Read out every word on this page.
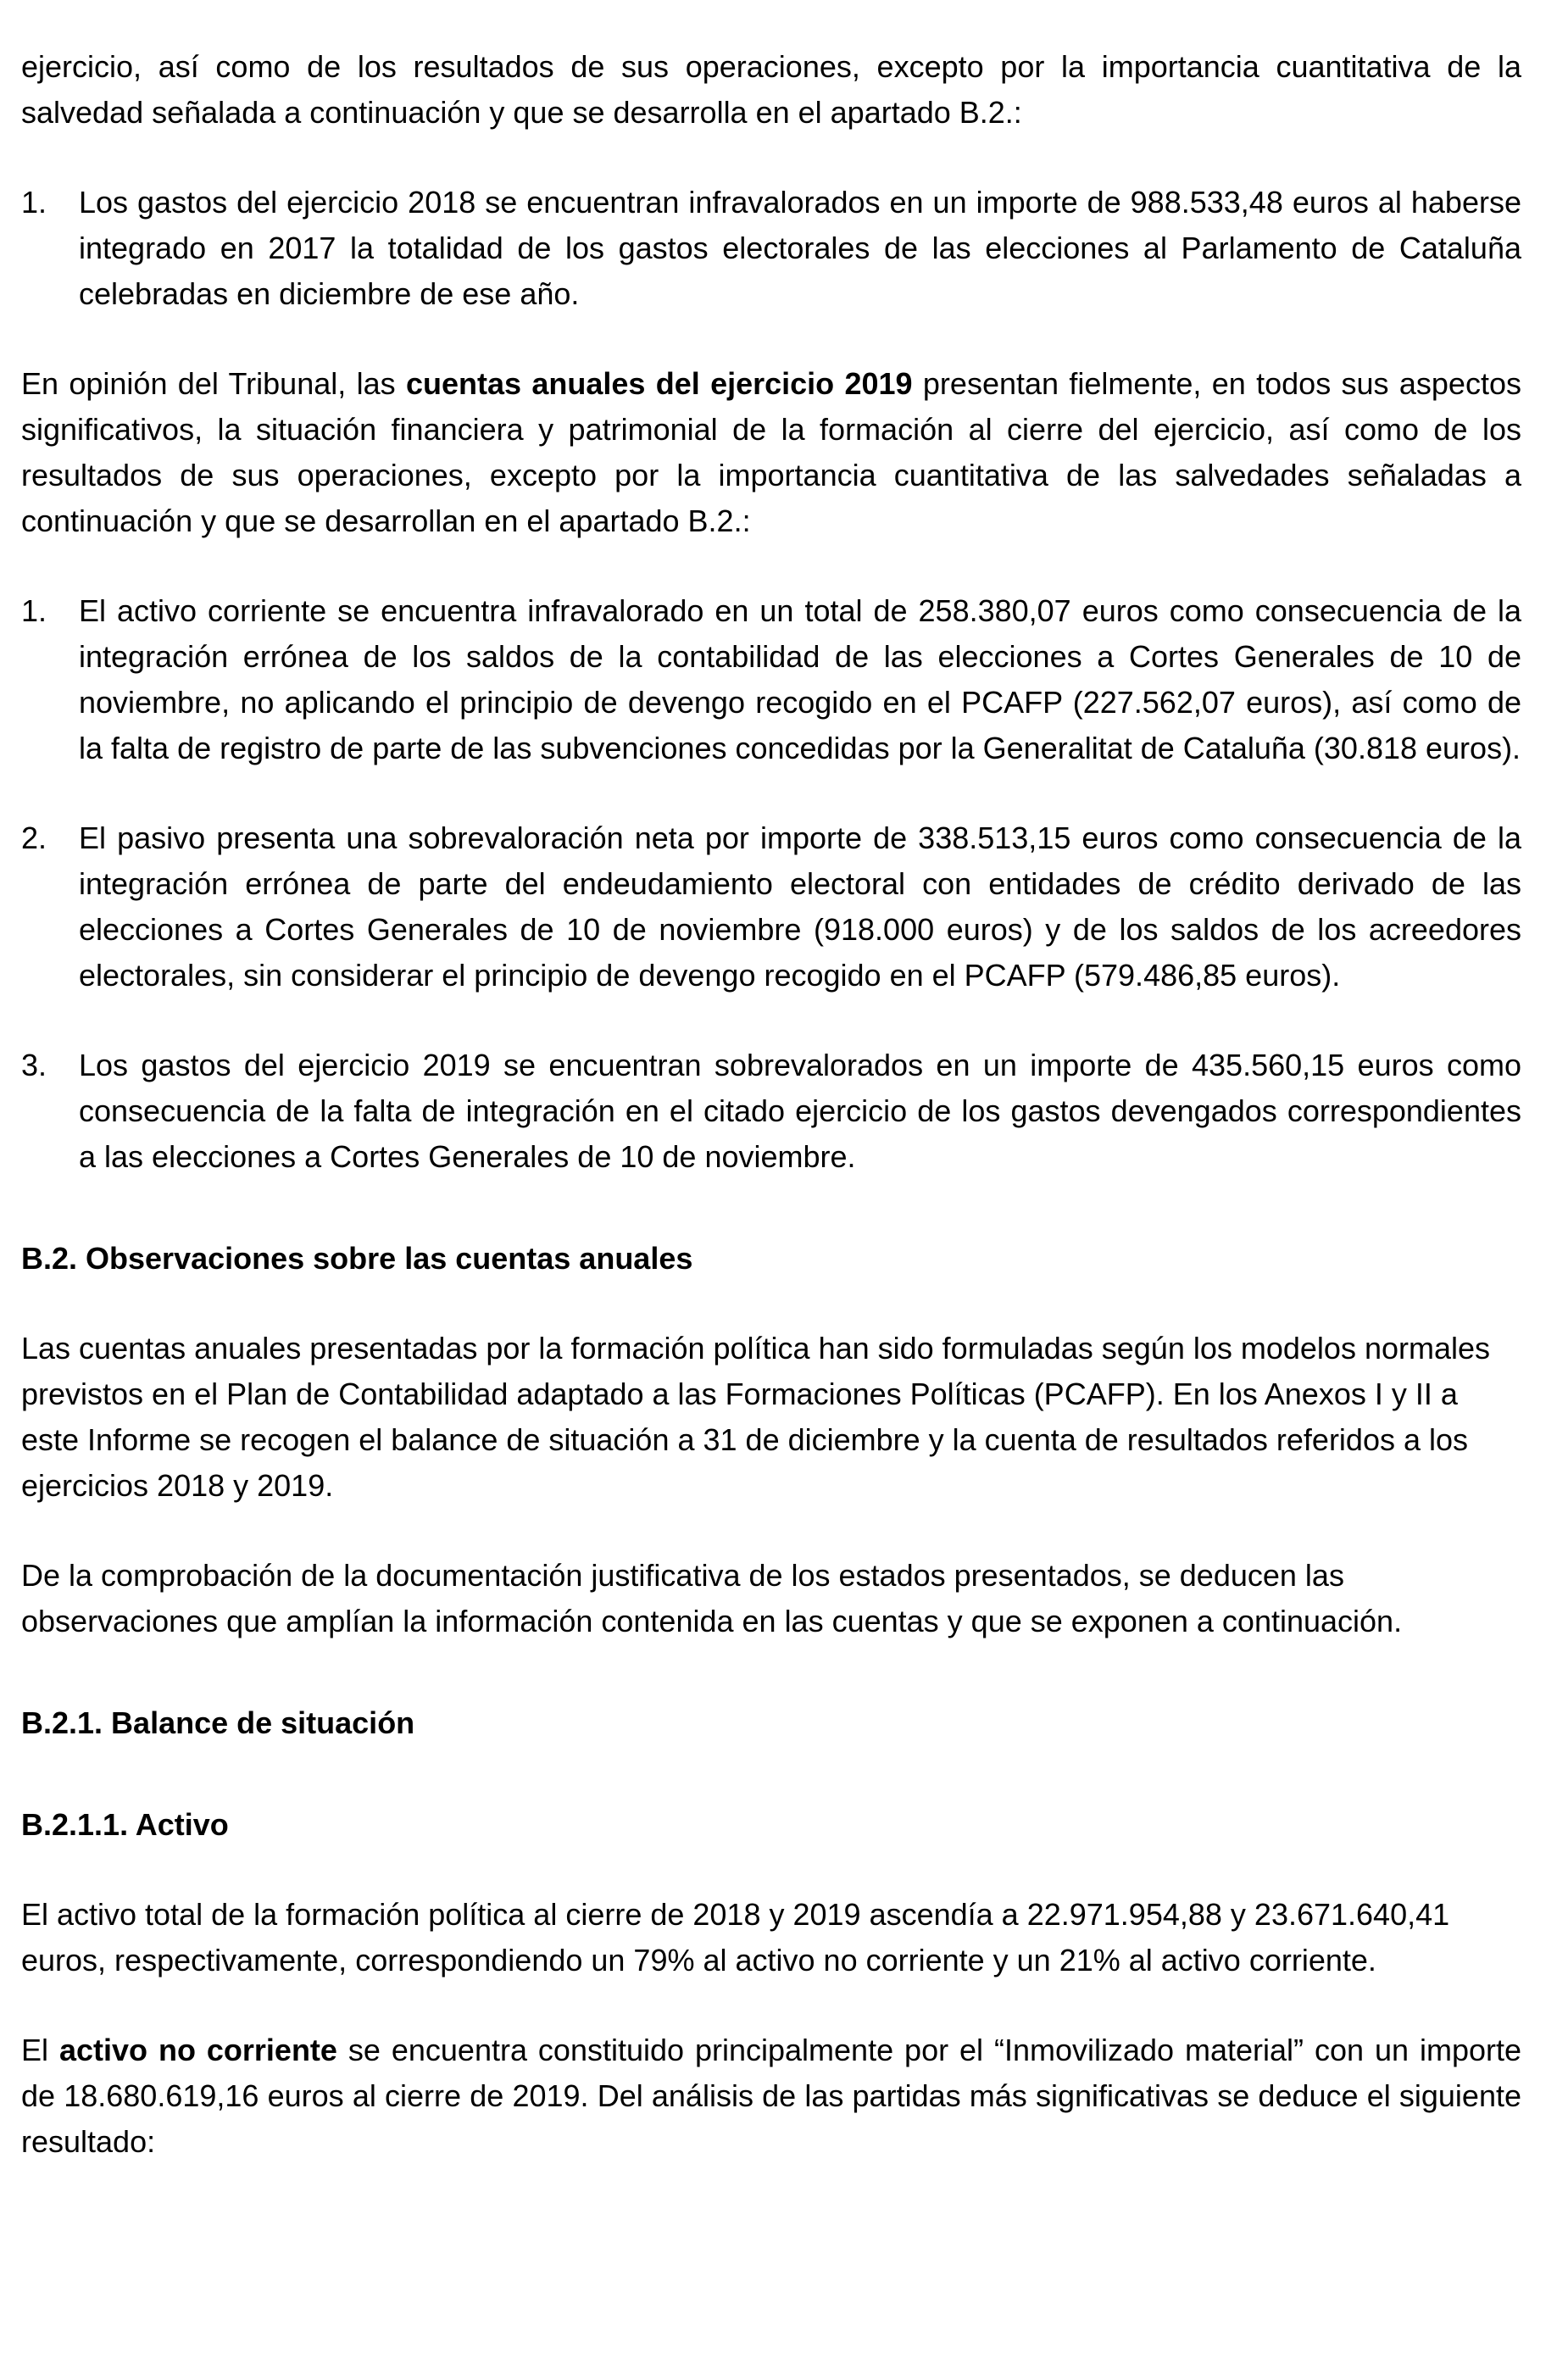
ejercicio, así como de los resultados de sus operaciones, excepto por la importancia cuantitativa de la salvedad señalada a continuación y que se desarrolla en el apartado B.2.:

1.	Los gastos del ejercicio 2018 se encuentran infravalorados en un importe de 988.533,48 euros al haberse integrado en 2017 la totalidad de los gastos electorales de las elecciones al Parlamento de Cataluña celebradas en diciembre de ese año.

En opinión del Tribunal, las cuentas anuales del ejercicio 2019 presentan fielmente, en todos sus aspectos significativos, la situación financiera y patrimonial de la formación al cierre del ejercicio, así como de los resultados de sus operaciones, excepto por la importancia cuantitativa de las salvedades señaladas a continuación y que se desarrollan en el apartado B.2.:

1.	El activo corriente se encuentra infravalorado en un total de 258.380,07 euros como consecuencia de la integración errónea de los saldos de la contabilidad de las elecciones a Cortes Generales de 10 de noviembre, no aplicando el principio de devengo recogido en el PCAFP (227.562,07 euros), así como de la falta de registro de parte de las subvenciones concedidas por la Generalitat de Cataluña (30.818 euros).
2.	El pasivo presenta una sobrevaloración neta por importe de 338.513,15 euros como consecuencia de la integración errónea de parte del endeudamiento electoral con entidades de crédito derivado de las elecciones a Cortes Generales de 10 de noviembre (918.000 euros) y de los saldos de los acreedores electorales, sin considerar el principio de devengo recogido en el PCAFP (579.486,85 euros).
3.	Los gastos del ejercicio 2019 se encuentran sobrevalorados en un importe de 435.560,15 euros como consecuencia de la falta de integración en el citado ejercicio de los gastos devengados correspondientes a las elecciones a Cortes Generales de 10 de noviembre.
B.2. Observaciones sobre las cuentas anuales

Las cuentas anuales presentadas por la formación política han sido formuladas según los modelos normales previstos en el Plan de Contabilidad adaptado a las Formaciones Políticas (PCAFP). En los Anexos I y II a este Informe se recogen el balance de situación a 31 de diciembre y la cuenta de resultados referidos a los ejercicios 2018 y 2019.

De la comprobación de la documentación justificativa de los estados presentados, se deducen las observaciones que amplían la información contenida en las cuentas y que se exponen a continuación.

B.2.1. Balance de situación
B.2.1.1. Activo

El activo total de la formación política al cierre de 2018 y 2019 ascendía a 22.971.954,88 y 23.671.640,41 euros, respectivamente, correspondiendo un 79% al activo no corriente y un 21% al activo corriente.

El activo no corriente se encuentra constituido principalmente por el “Inmovilizado material” con un importe de 18.680.619,16 euros al cierre de 2019. Del análisis de las partidas más significativas se deduce el siguiente resultado:
